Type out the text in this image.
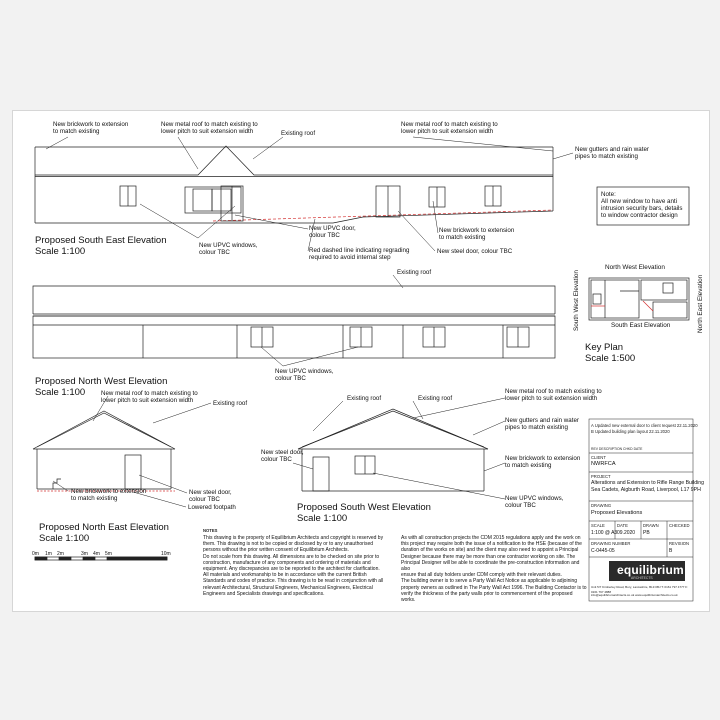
New brickwork to extension
to match existing
New metal roof to match existing to
lower pitch to suit extension width	Existing roof
New metal roof to match existing to
lower pitch to suit extension width
New gutters and rain water
pipes to match existing
New UPVC windows,
colour TBC
New UPVC door,
colour TBC
Red dashed line indicating regrading
required to avoid internal step
New brickwork to extension
to match existing
New steel door, colour TBC
Proposed South East Elevation
Scale 1:100
Note:
All new window to have anti
intrusion security bars, details
to window contractor design
Existing roof
New UPVC windows,
colour TBC
Proposed North West Elevation
Scale 1:100
North West Elevation
South East Elevation
South West Elevation	North East Elevation
Key Plan
Scale 1:500
New metal roof to match existing to
lower pitch to suit extension width	Existing roof
New brickwork to extension
to match existing
New steel door,
colour TBC
Lowered footpath
Proposed North East Elevation
Scale 1:100
Existing roof	Existing roof
New metal roof to match existing to
lower pitch to suit extension width
New gutters and rain water
pipes to match existing
New steel door,
colour TBC	New brickwork to extension
to match existing
New UPVC windows,
colour TBC
Proposed South West Elevation
Scale 1:100
0m 1m 2m	3m 4m 5m	10m
NOTES
This drawing is the property of Equilibrium Architects and copyright is reserved by
them. This drawing is not to be copied or disclosed by or to any unauthorised
persons without the prior written consent of Equilibrium Architects.
Do not scale from this drawing. All dimensions are to be checked on site prior to
construction, manufacture of any components and ordering of materials and
equipment. Any discrepancies are to be reported to the architect for clarification.
All materials and workmanship to be in accordance with the current British
Standards and codes of practice. This drawing is to be read in conjunction with all
relevant Architectural, Structural Engineers, Mechanical Engineers, Electrical
Engineers and Specialists drawings and specifications.
As with all construction projects the CDM 2015 regulations apply and the work on
this project may require both the issue of a notification to the HSE (because of the
duration of the works on site) and the client may also need to appoint a Principal
Designer because there may be more than one contractor working on site. The
Principal Designer will be able to coordinate the pre-construction information and also
ensure that all duty holders under CDM comply with their relevant duties.
The building owner is to serve a Party Wall Act Notice as applicable to adjoining
property owners as outlined in The Party Wall Act 1996. The Building Contactor is to
verify the thickness of the party walls prior to commencement of the proposed
works.
A Updated new external door to client request 22.11.2020
B Updated building plan layout 22.11.2020
REV DESCRIPTION CHKD DATE
CLIENT
NWRFCA
PROJECT
Alterations and Extension to Rifle Range Building
Sea Cadets, Aigburth Road, Liverpool, L17 9PH
DRAWING
Proposed Elevations
SCALE
1:100 @ A3
DATE
09.2020
DRAWN
PB
CHECKED
DRAWING NUMBER
C-0445-05
REVISION
B
equilibrium
ARCHITECTS
Unit 5/7 Kimberley Road, Bury, Lancashire, BL9 0BJ T: 0161 797 4777 F: 0161 797 4888
info@equilibriumarchitects.co.uk www.equilibriumarchitects.co.uk
